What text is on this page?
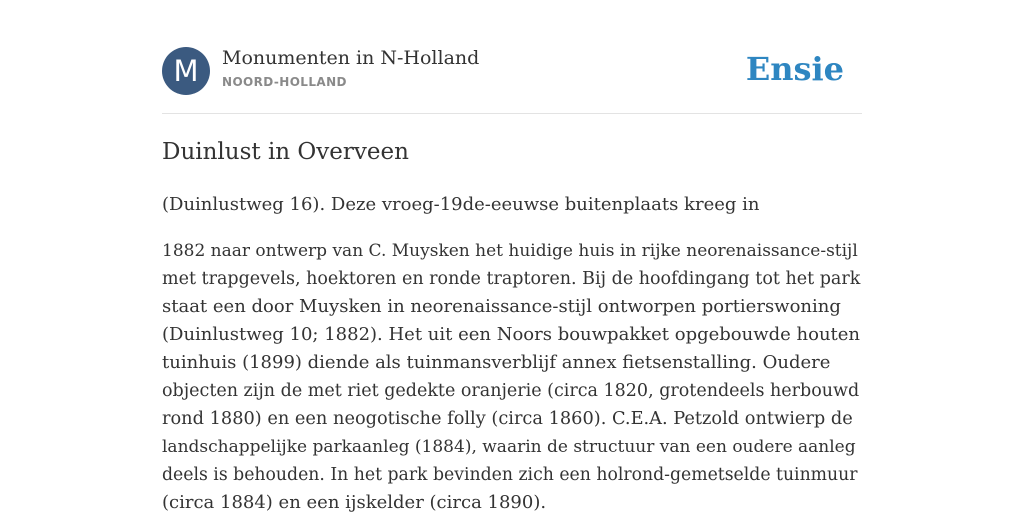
M	Monumenten in N-Holland
NOORD-HOLLAND	Ensie
Duinlust in Overveen

(Duinlustweg 16). Deze vroeg-19de-eeuwse buitenplaats kreeg in

1882 naar ontwerp van C. Muysken het huidige huis in rijke neorenaissance-stijl
met trapgevels, hoektoren en ronde traptoren. Bij de hoofdingang tot het park
staat een door Muysken in neorenaissance-stijl ontworpen portierswoning
(Duinlustweg 10; 1882). Het uit een Noors bouwpakket opgebouwde houten
tuinhuis (1899) diende als tuinmansverblijf annex fietsenstalling. Oudere
objecten zijn de met riet gedekte oranjerie (circa 1820, grotendeels herbouwd
rond 1880) en een neogotische folly (circa 1860). C.E.A. Petzold ontwierp de
landschappelijke parkaanleg (1884), waarin de structuur van een oudere aanleg
deels is behouden. In het park bevinden zich een holrond-gemetselde tuinmuur
(circa 1884) en een ijskelder (circa 1890).
